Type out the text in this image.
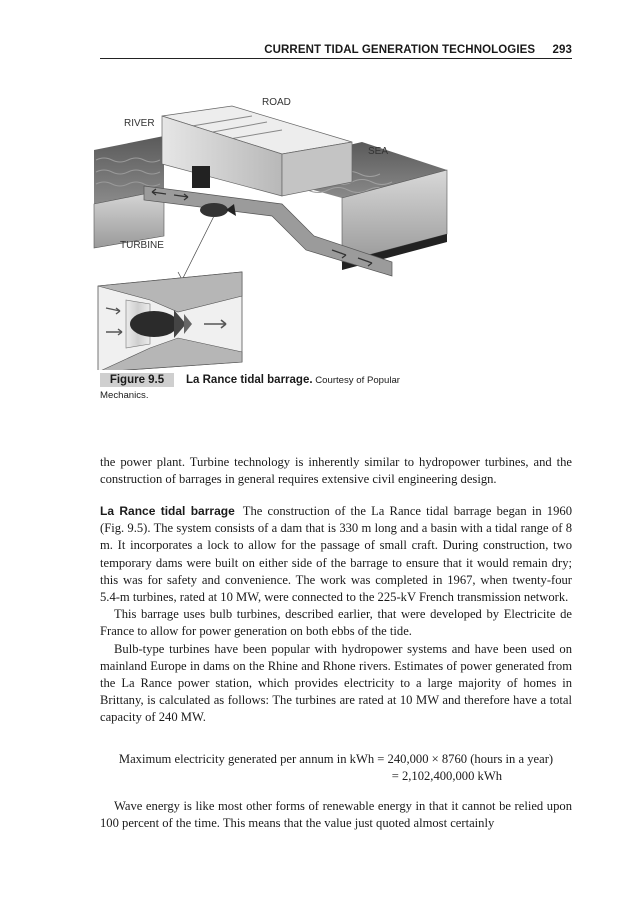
CURRENT TIDAL GENERATION TECHNOLOGIES 293
ROAD
RIVER
SEA
TURBINE
Figure 9.5 La Rance tidal barrage. Courtesy of Popular
Mechanics.

the power plant. Turbine technology is inherently similar to hydropower turbines, and the construction of barrages in general requires extensive civil engineering design.

La Rance tidal barrage The construction of the La Rance tidal barrage began in 1960 (Fig. 9.5). The system consists of a dam that is 330 m long and a basin with a tidal range of 8 m. It incorporates a lock to allow for the passage of small craft. During construction, two temporary dams were built on either side of the barrage to ensure that it would remain dry; this was for safety and convenience. The work was completed in 1967, when twenty-four 5.4-m turbines, rated at 10 MW, were connected to the 225-kV French transmission network.

This barrage uses bulb turbines, described earlier, that were developed by Electricite de France to allow for power generation on both ebbs of the tide.

Bulb-type turbines have been popular with hydropower systems and have been used on mainland Europe in dams on the Rhine and Rhone rivers. Estimates of power generated from the La Rance power station, which provides electricity to a large majority of homes in Brittany, is calculated as follows: The turbines are rated at 10 MW and therefore have a total capacity of 240 MW.

Maximum electricity generated per annum in kWh = 240,000 × 8760 (hours in a year)
= 2,102,400,000 kWh

Wave energy is like most other forms of renewable energy in that it cannot be relied upon 100 percent of the time. This means that the value just quoted almost certainly
